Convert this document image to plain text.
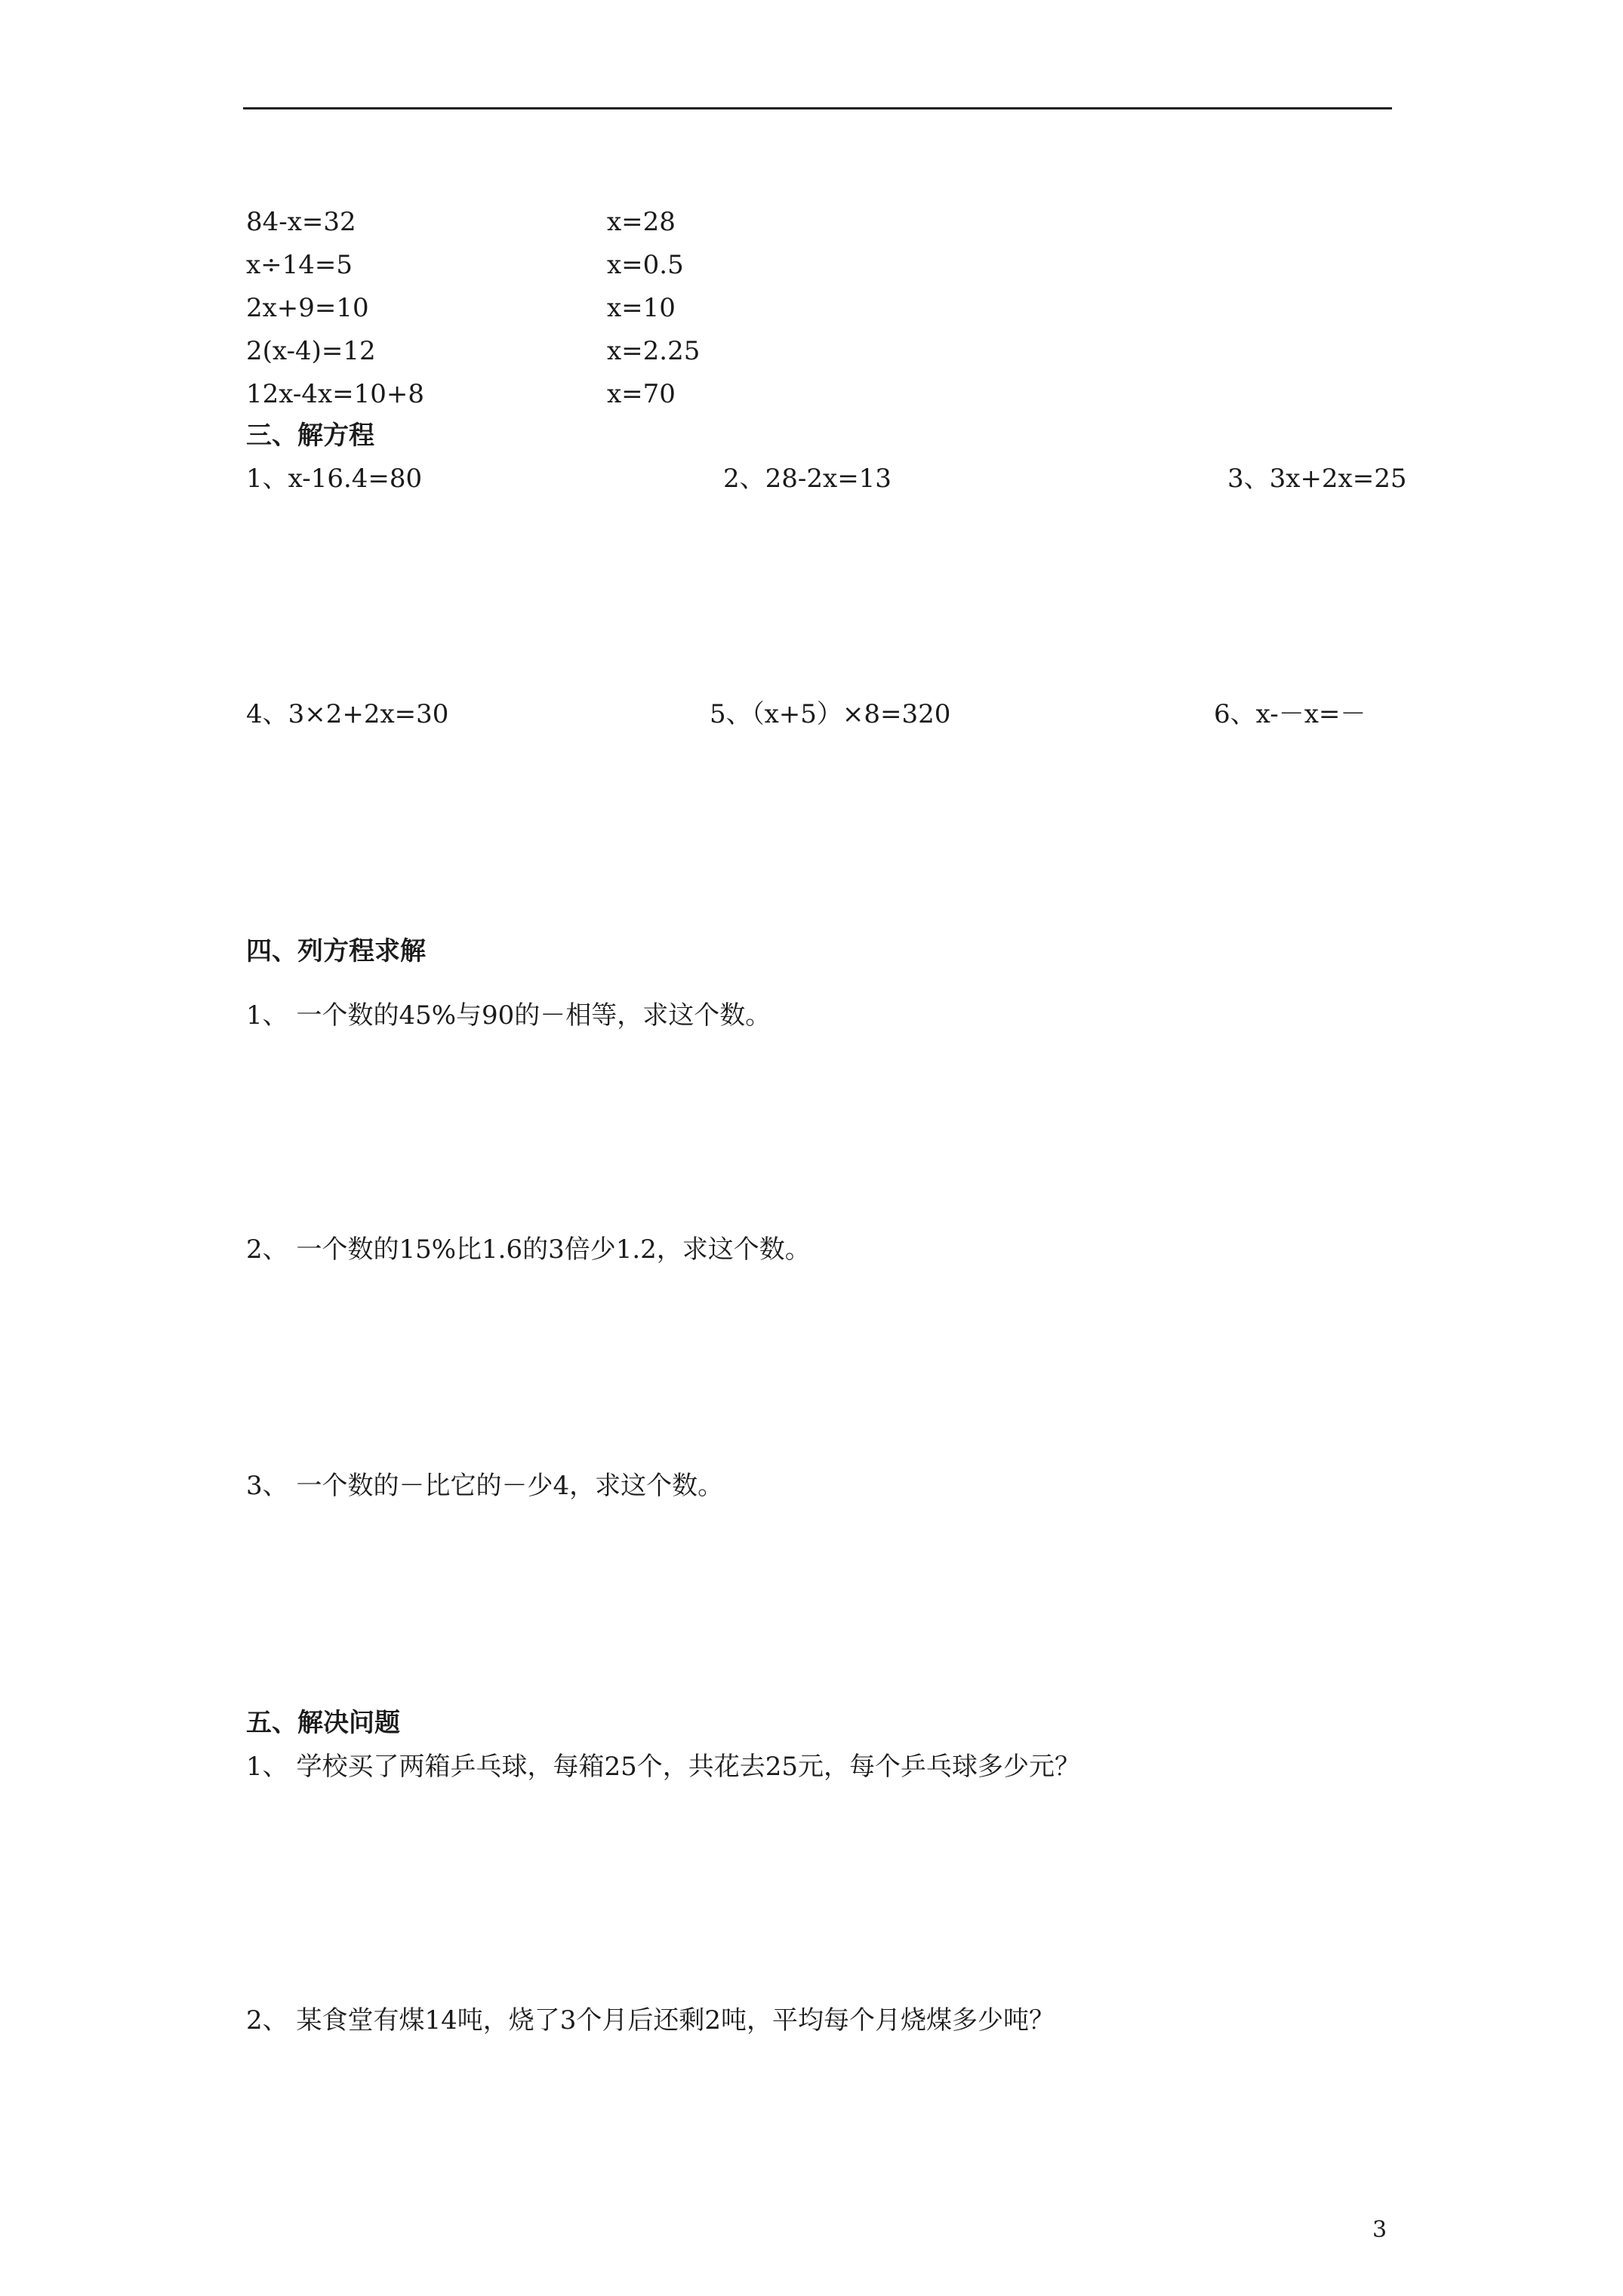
84-x=32	x=28
x÷14=5	x=0.5
2x+9=10	x=10
2(x-4)=12	x=2.25
12x-4x=10+8	x=70
三、解方程
1、x-16.4=80	2、28-2x=13	3、3x+2x=25
4、3×2+2x=30	5、（x+5）×8=320	6、x-－x=－
四、列方程求解
1、 一个数的45%与90的－相等，求这个数。
2、 一个数的15%比1.6的3倍少1.2，求这个数。
3、 一个数的－比它的－少4，求这个数。
五、解决问题
1、 学校买了两箱乒乓球，每箱25个，共花去25元，每个乒乓球多少元？
2、 某食堂有煤14吨，烧了3个月后还剩2吨，平均每个月烧煤多少吨？
3
